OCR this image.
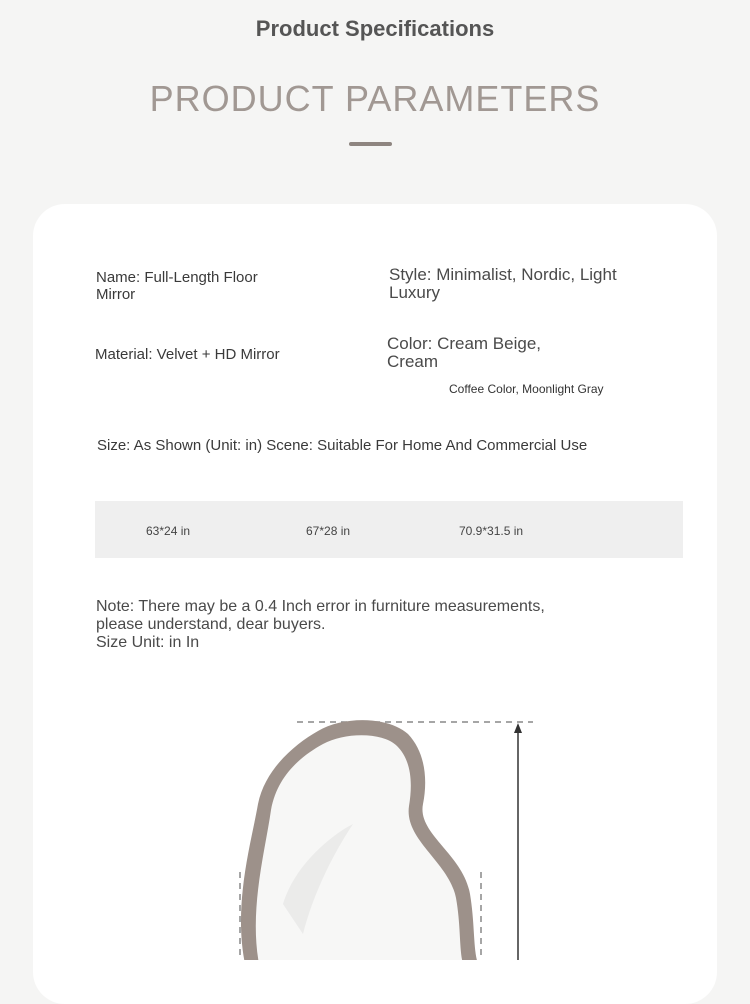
Product Specifications
PRODUCT PARAMETERS
Name: Full-Length Floor Mirror
Style: Minimalist, Nordic, Light Luxury
Material: Velvet + HD Mirror
Color: Cream Beige, Cream
Coffee Color, Moonlight Gray
Size: As Shown (Unit: in) Scene: Suitable For Home And Commercial Use
63*24 in	67*28 in	70.9*31.5 in
Note: There may be a 0.4 Inch error in furniture measurements,
please understand, dear buyers.
Size Unit: in In
